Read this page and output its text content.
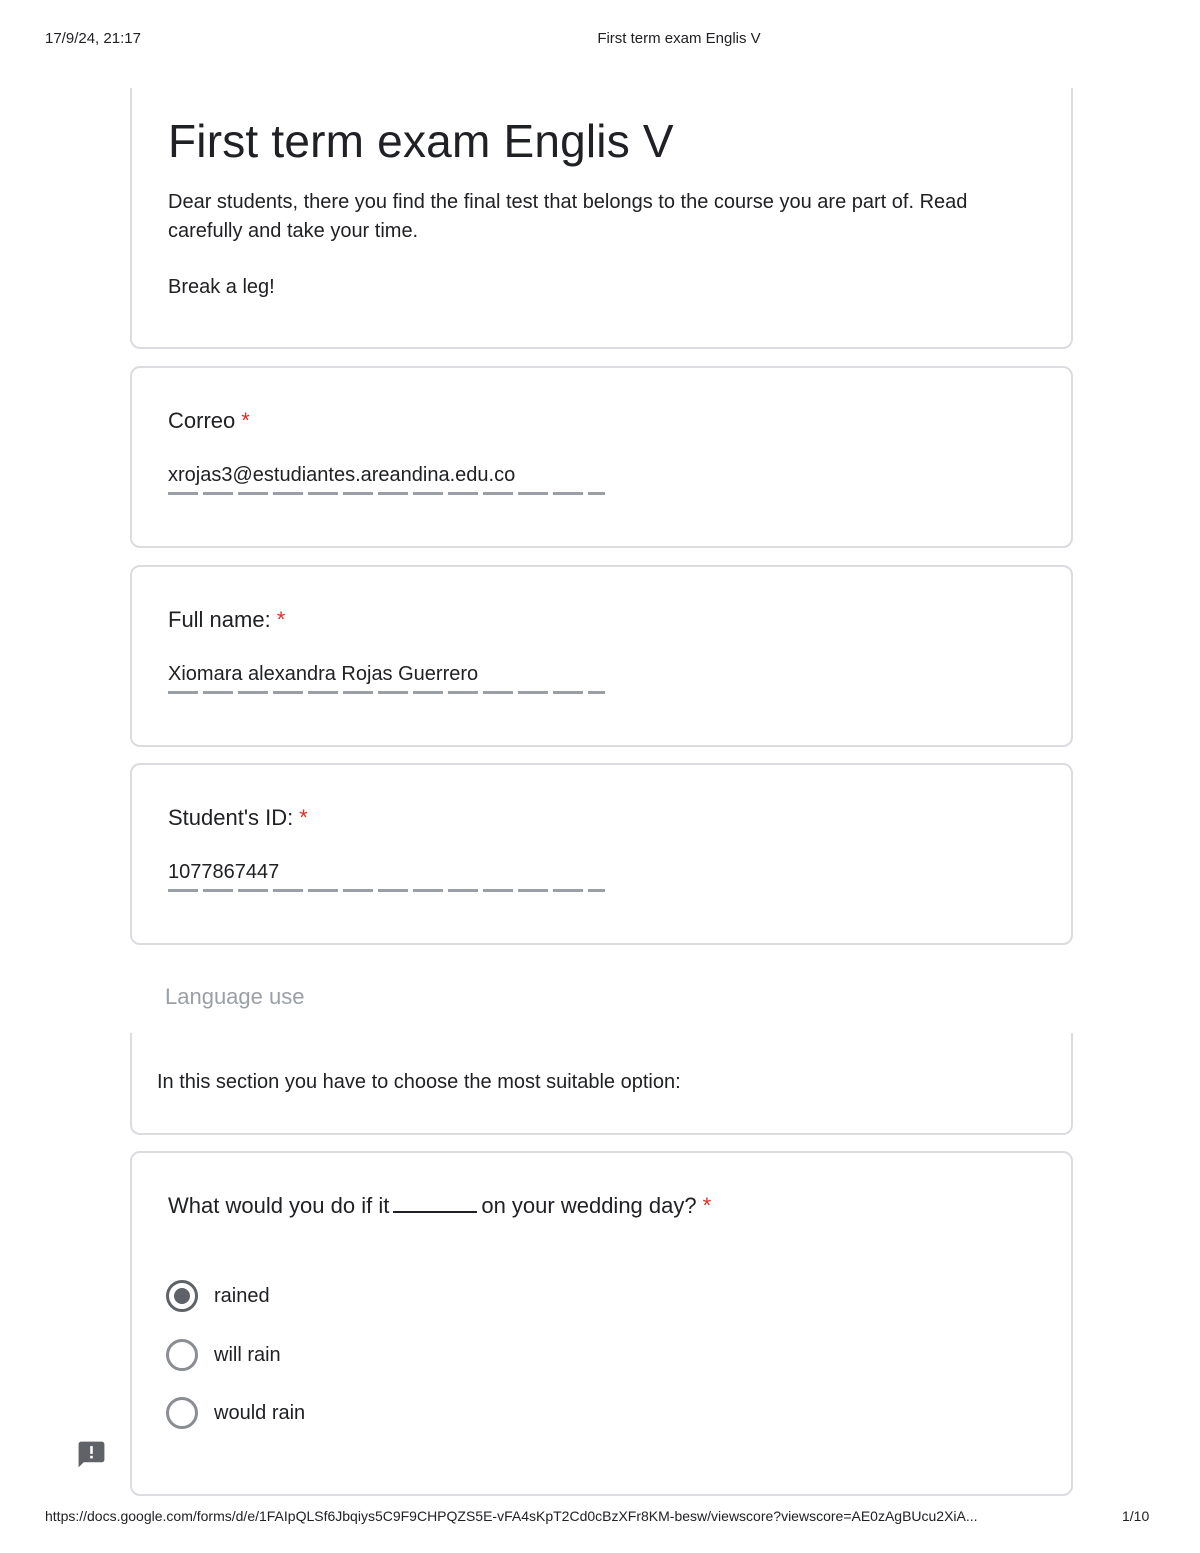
17/9/24, 21:17	First term exam Englis V
First term exam Englis V
Dear students, there you find the final test that belongs to the course you are part of. Read carefully and take your time.
Break a leg!
Correo *
xrojas3@estudiantes.areandina.edu.co
Full name: *
Xiomara alexandra Rojas Guerrero
Student's ID: *
1077867447
Language use
In this section you have to choose the most suitable option:
What would you do if it	on your wedding day? *
rained
will rain
would rain
https://docs.google.com/forms/d/e/1FAIpQLSf6Jbqiys5C9F9CHPQZS5E-vFA4sKpT2Cd0cBzXFr8KM-besw/viewscore?viewscore=AE0zAgBUcu2XiA...	1/10
